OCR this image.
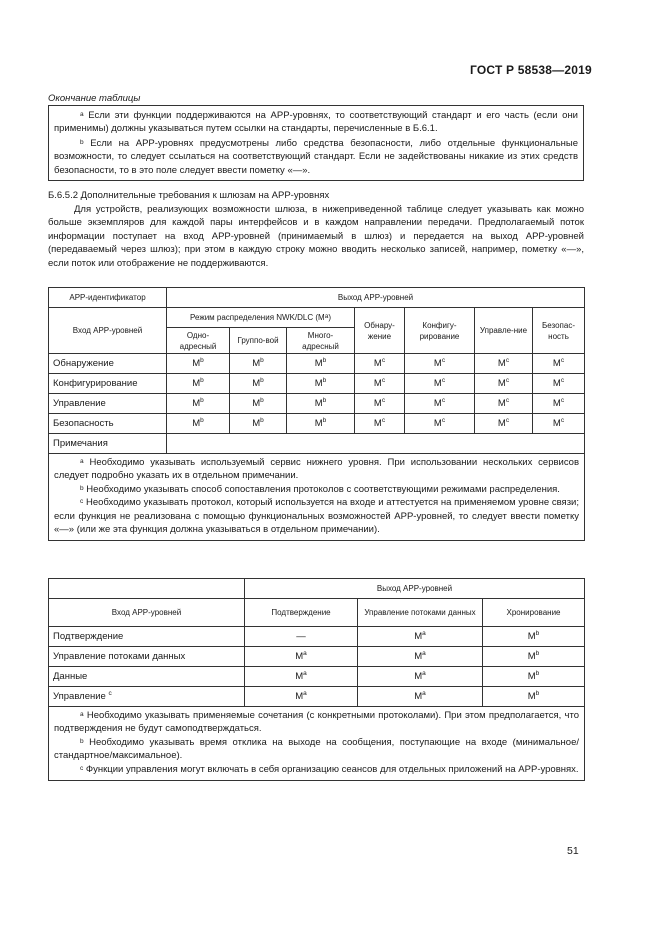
ГОСТ Р 58538—2019
Окончание таблицы

$^a$ Если эти функции поддерживаются на APP-уровнях, то соответствующий стандарт и его часть (если они применимы) должны указываться путем ссылки на стандарты, перечисленные в Б.6.1.

$^b$ Если на APP-уровнях предусмотрены либо средства безопасности, либо отдельные функциональные возможности, то следует ссылаться на соответствующий стандарт. Если не задействованы никакие из этих средств безопасности, то в это поле следует ввести пометку «—».

Б.6.5.2 Дополнительные требования к шлюзам на APP-уровнях

Для устройств, реализующих возможности шлюза, в нижеприведенной таблице следует указывать как можно больше экземпляров для каждой пары интерфейсов и в каждом направлении передачи. Предполагаемый поток информации поступает на вход APP-уровней (принимаемый в шлюз) и передается на выход APP-уровней (передаваемый через шлюз); при этом в каждую строку можно вводить несколько записей, например, пометку «—», если поток или отображение не поддерживаются.

APP-идентификатор	Выход APP-уровней						
Вход APP-уровней	Режим распределения NWK/DLC $(M^a)$			Обнару-жение	Конфигу-рирование	Управле-ние	Безопас-ность
	Одно-адресный	Группо-вой	Много-адресный				
Обнаружение	$M^b$	$M^b$	$M^b$	$M^c$	$M^c$	$M^c$	$M^c$
Конфигурирование	$M^b$	$M^b$	$M^b$	$M^c$	$M^c$	$M^c$	$M^c$
Управление	$M^b$	$M^b$	$M^b$	$M^c$	$M^c$	$M^c$	$M^c$
Безопасность	$M^b$	$M^b$	$M^b$	$M^c$	$M^c$	$M^c$	$M^c$
Примечания							

$^a$ Необходимо указывать используемый сервис нижнего уровня. При использовании нескольких сервисов следует подробно указать их в отдельном примечании.

$^b$ Необходимо указывать способ сопоставления протоколов с соответствующими режимами распределения.

$^c$ Необходимо указывать протокол, который используется на входе и аттестуется на применяемом уровне связи; если функция не реализована с помощью функциональных возможностей APP-уровней, то следует ввести пометку «—» (или же эта функция должна указываться в отдельном примечании).							

	Выход APP-уровней		
Вход APP-уровней	Подтверждение	Управление потоками данных	Хронирование
Подтверждение	—	$M^a$	$M^b$
Управление потоками данных	$M^a$	$M^a$	$M^b$
Данные	$M^a$	$M^a$	$M^b$
Управление $^c$	$M^a$	$M^a$	$M^b$

$^a$ Необходимо указывать применяемые сочетания (с конкретными протоколами). При этом предполагается, что подтверждения не будут самоподтверждаться.

$^b$ Необходимо указывать время отклика на выходе на сообщения, поступающие на входе (минимальное/стандартное/максимальное).

$^c$ Функции управления могут включать в себя организацию сеансов для отдельных приложений на APP-уровнях.			

51
